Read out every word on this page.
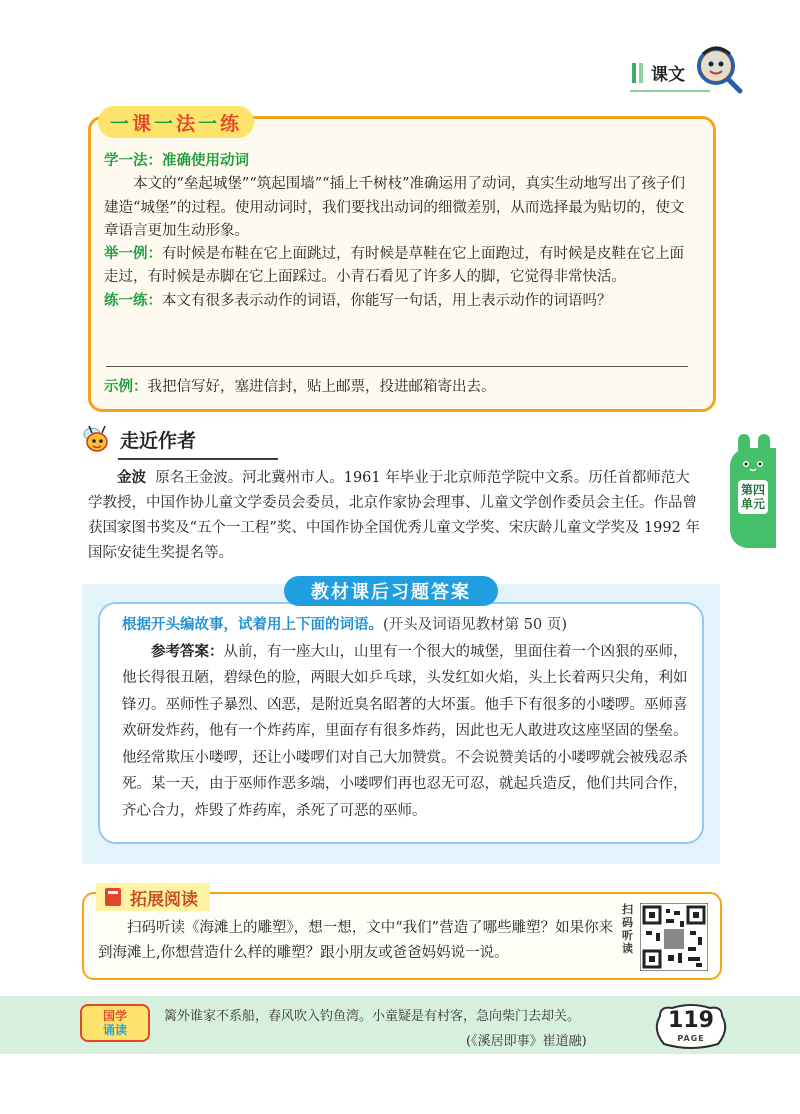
课文
一 课 一 法 一 练
学一法：准确使用动词

本文的“垒起城堡”“筑起围墙”“插上千树枝”准确运用了动词，真实生动地写出了孩子们建造“城堡”的过程。使用动词时，我们要找出动词的细微差别，从而选择最为贴切的，使文章语言更加生动形象。

举一例：有时候是布鞋在它上面跳过，有时候是草鞋在它上面跑过，有时候是皮鞋在它上面走过，有时候是赤脚在它上面踩过。小青石看见了许多人的脚，它觉得非常快活。

练一练：本文有很多表示动作的词语，你能写一句话，用上表示动作的词语吗？

示例：我把信写好，塞进信封，贴上邮票，投进邮箱寄出去。
走近作者

金波 原名王金波。河北冀州市人。1961 年毕业于北京师范学院中文系。历任首都师范大学教授，中国作协儿童文学委员会委员，北京作家协会理事、儿童文学创作委员会主任。作品曾获国家图书奖及“五个一工程”奖、中国作协全国优秀儿童文学奖、宋庆龄儿童文学奖及 1992 年国际安徒生奖提名等。

第四单元
教材课后习题答案

根据开头编故事，试着用上下面的词语。(开头及词语见教材第 50 页)

参考答案：从前，有一座大山，山里有一个很大的城堡，里面住着一个凶狠的巫师，他长得很丑陋，碧绿色的脸，两眼大如乒乓球，头发红如火焰，头上长着两只尖角，利如锋刃。巫师性子暴烈、凶恶，是附近臭名昭著的大坏蛋。他手下有很多的小喽啰。巫师喜欢研发炸药，他有一个炸药库，里面存有很多炸药，因此也无人敢进攻这座坚固的堡垒。他经常欺压小喽啰，还让小喽啰们对自己大加赞赏。不会说赞美话的小喽啰就会被残忍杀死。某一天，由于巫师作恶多端，小喽啰们再也忍无可忍，就起兵造反，他们共同合作，齐心合力，炸毁了炸药库，杀死了可恶的巫师。

拓展阅读

扫码听读《海滩上的雕塑》，想一想，文中“我们”营造了哪些雕塑？如果你来到海滩上,你想营造什么样的雕塑？跟小朋友或爸爸妈妈说一说。

扫码听读
国学
诵读
篱外谁家不系船，春风吹入钓鱼湾。小童疑是有村客，急向柴门去却关。
(《溪居即事》崔道融)
119
PAGE
